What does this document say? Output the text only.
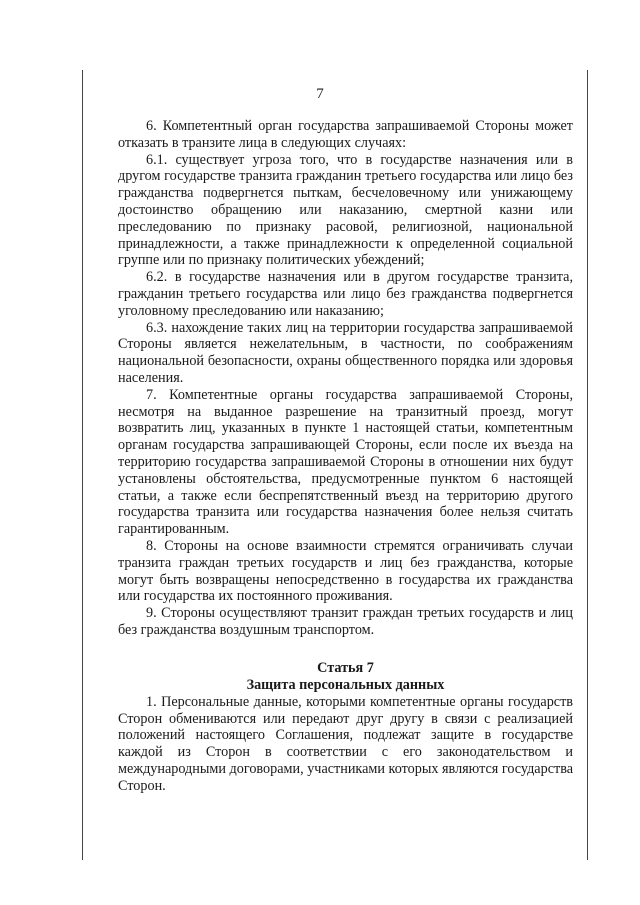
7

6. Компетентный орган государства запрашиваемой Стороны может отказать в транзите лица в следующих случаях:

6.1. существует угроза того, что в государстве назначения или в другом государстве транзита гражданин третьего государства или лицо без гражданства подвергнется пыткам, бесчеловечному или унижающему достоинство обращению или наказанию, смертной казни или преследованию по признаку расовой, религиозной, национальной принадлежности, а также принадлежности к определенной социальной группе или по признаку политических убеждений;

6.2. в государстве назначения или в другом государстве транзита, гражданин третьего государства или лицо без гражданства подвергнется уголовному преследованию или наказанию;

6.3. нахождение таких лиц на территории государства запрашиваемой Стороны является нежелательным, в частности, по соображениям национальной безопасности, охраны общественного порядка или здоровья населения.

7. Компетентные органы государства запрашиваемой Стороны, несмотря на выданное разрешение на транзитный проезд, могут возвратить лиц, указанных в пункте 1 настоящей статьи, компетентным органам государства запрашивающей Стороны, если после их въезда на территорию государства запрашиваемой Стороны в отношении них будут установлены обстоятельства, предусмотренные пунктом 6 настоящей статьи, а также если беспрепятственный въезд на территорию другого государства транзита или государства назначения более нельзя считать гарантированным.

8. Стороны на основе взаимности стремятся ограничивать случаи транзита граждан третьих государств и лиц без гражданства, которые могут быть возвращены непосредственно в государства их гражданства или государства их постоянного проживания.

9. Стороны осуществляют транзит граждан третьих государств и лиц без гражданства воздушным транспортом.

Статья 7
Защита персональных данных

1. Персональные данные, которыми компетентные органы государств Сторон обмениваются или передают друг другу в связи с реализацией положений настоящего Соглашения, подлежат защите в государстве каждой из Сторон в соответствии с его законодательством и международными договорами, участниками которых являются государства Сторон.
